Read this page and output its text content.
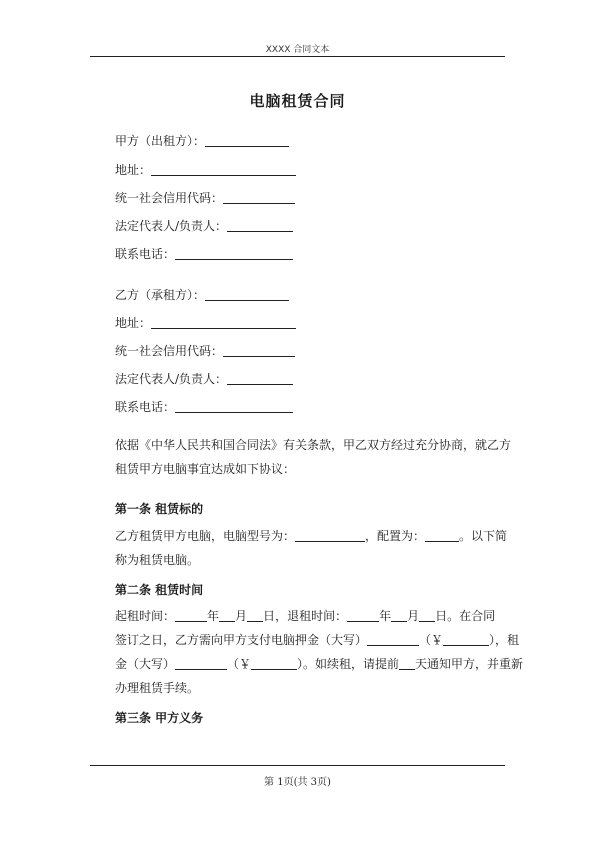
XXXX 合同文本
电脑租赁合同
甲方（出租方）：
地址：
统一社会信用代码：
法定代表人/负责人：
联系电话：
乙方（承租方）：
地址：
统一社会信用代码：
法定代表人/负责人：
联系电话：
依据《中华人民共和国合同法》有关条款，甲乙双方经过充分协商，就乙方
租赁甲方电脑事宜达成如下协议：
第一条 租赁标的
乙方租赁甲方电脑，电脑型号为：	，配置为：	。以下简
称为租赁电脑。
第二条 租赁时间
起租时间：	年 月 日，退租时间：	年 月 日。在合同
签订之日，乙方需向甲方支付电脑押金（大写）	（￥	），租
金（大写）	（￥	）。如续租，请提前 天通知甲方，并重新
办理租赁手续。
第三条 甲方义务
第 1页(共 3页)
